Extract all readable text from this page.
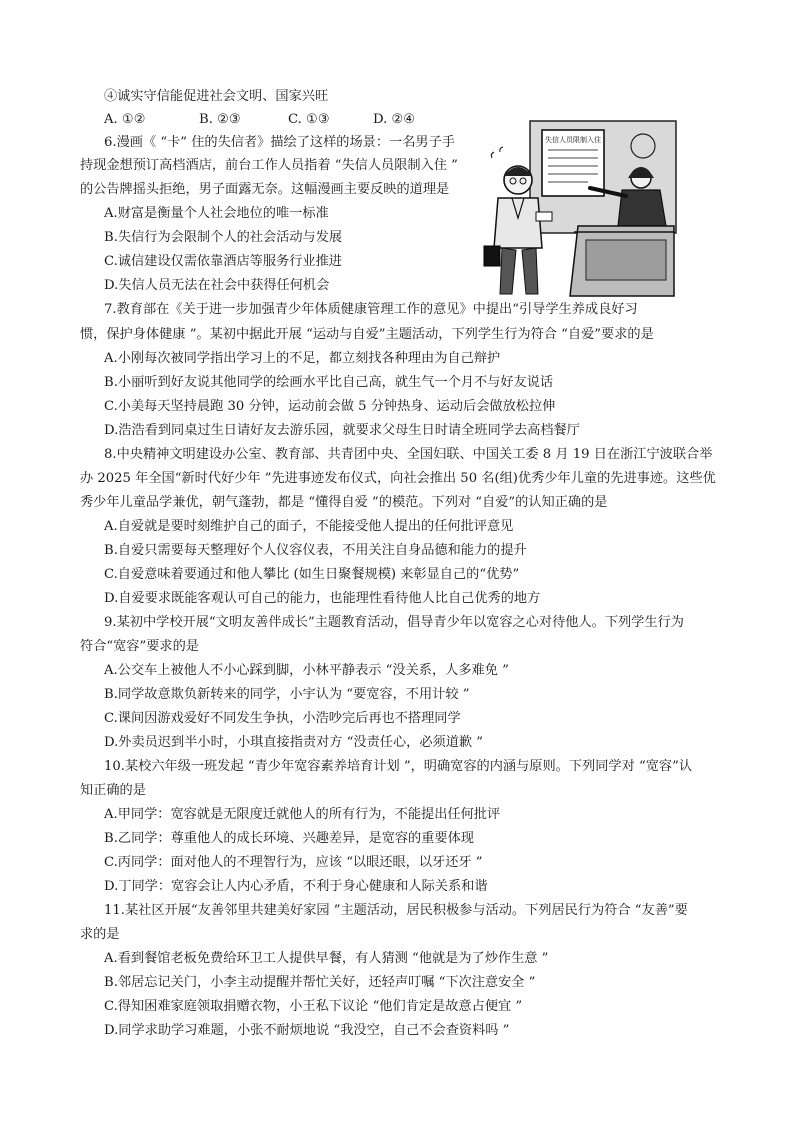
④诚实守信能促进社会文明、国家兴旺
A. ①②	B. ②③	C. ①③	D. ②④
6.漫画《 “卡” 住的失信者》描绘了这样的场景：一名男子手
持现金想预订高档酒店，前台工作人员指着 “失信人员限制入住 ”
的公告牌摇头拒绝，男子面露无奈。这幅漫画主要反映的道理是
A.财富是衡量个人社会地位的唯一标准
B.失信行为会限制个人的社会活动与发展
C.诚信建设仅需依靠酒店等服务行业推进
D.失信人员无法在社会中获得任何机会
失信人员限制入住
7.教育部在《关于进一步加强青少年体质健康管理工作的意见》中提出“引导学生养成良好习
惯，保护身体健康 ”。某初中据此开展 “运动与自爱”主题活动，下列学生行为符合 “自爱”要求的是
A.小刚每次被同学指出学习上的不足，都立刻找各种理由为自己辩护
B.小丽听到好友说其他同学的绘画水平比自己高，就生气一个月不与好友说话
C.小美每天坚持晨跑 30 分钟，运动前会做 5 分钟热身、运动后会做放松拉伸
D.浩浩看到同桌过生日请好友去游乐园，就要求父母生日时请全班同学去高档餐厅
8.中央精神文明建设办公室、教育部、共青团中央、全国妇联、中国关工委 8 月 19 日在浙江宁波联合举
办 2025 年全国“新时代好少年 ”先进事迹发布仪式，向社会推出 50 名(组)优秀少年儿童的先进事迹。这些优
秀少年儿童品学兼优，朝气蓬勃，都是 “懂得自爱 ”的模范。下列对 “自爱”的认知正确的是
A.自爱就是要时刻维护自己的面子，不能接受他人提出的任何批评意见
B.自爱只需要每天整理好个人仪容仪表，不用关注自身品德和能力的提升
C.自爱意味着要通过和他人攀比 (如生日聚餐规模) 来彰显自己的“优势”
D.自爱要求既能客观认可自己的能力，也能理性看待他人比自己优秀的地方
9.某初中学校开展“文明友善伴成长”主题教育活动，倡导青少年以宽容之心对待他人。下列学生行为
符合“宽容”要求的是
A.公交车上被他人不小心踩到脚，小林平静表示 “没关系，人多难免 ”
B.同学故意欺负新转来的同学，小宇认为 “要宽容，不用计较 ”
C.课间因游戏爱好不同发生争执，小浩吵完后再也不搭理同学
D.外卖员迟到半小时，小琪直接指责对方 “没责任心，必须道歉 ”
10.某校六年级一班发起 “青少年宽容素养培育计划 ”，明确宽容的内涵与原则。下列同学对 “宽容”认
知正确的是
A.甲同学：宽容就是无限度迁就他人的所有行为，不能提出任何批评
B.乙同学：尊重他人的成长环境、兴趣差异，是宽容的重要体现
C.丙同学：面对他人的不理智行为，应该 “以眼还眼，以牙还牙 ”
D.丁同学：宽容会让人内心矛盾，不利于身心健康和人际关系和谐
11.某社区开展“友善邻里共建美好家园 ”主题活动，居民积极参与活动。下列居民行为符合 “友善”要
求的是
A.看到餐馆老板免费给环卫工人提供早餐，有人猜测 “他就是为了炒作生意 ”
B.邻居忘记关门，小李主动提醒并帮忙关好，还轻声叮嘱 “下次注意安全 ”
C.得知困难家庭领取捐赠衣物，小王私下议论 “他们肯定是故意占便宜 ”
D.同学求助学习难题，小张不耐烦地说 “我没空，自己不会查资料吗 ”
